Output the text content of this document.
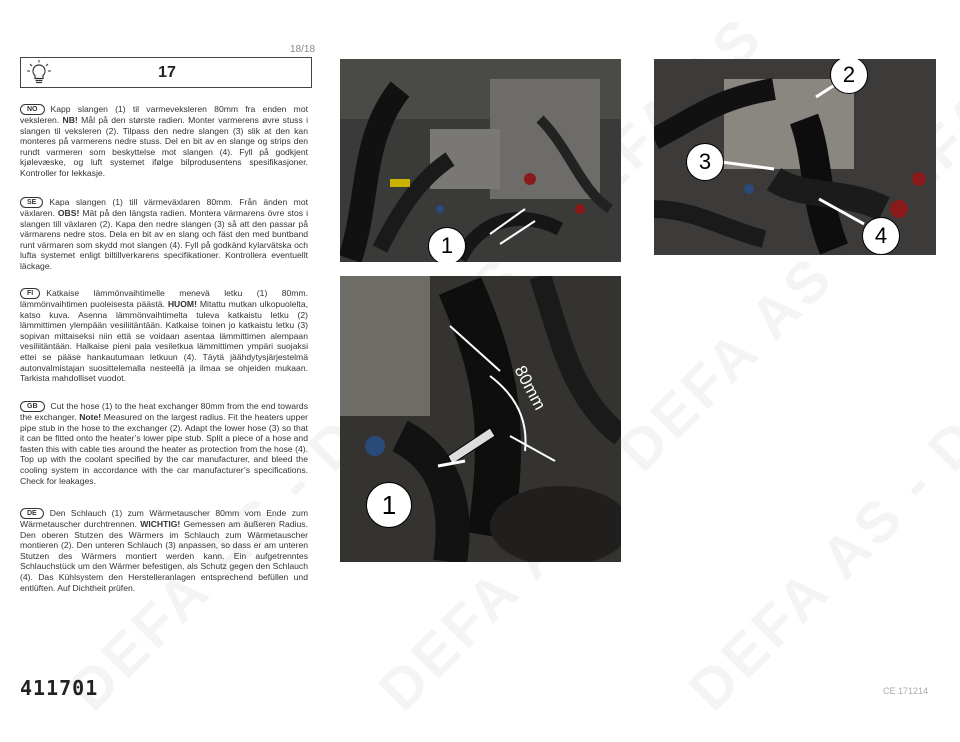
18/18
17
NO Kapp slangen (1) til varmeveksleren 80mm fra enden mot veksleren. NB! Mål på den største radien. Monter varmerens øvre stuss i slangen til veksleren (2). Tilpass den nedre slangen (3) slik at den kan monteres på varmerens nedre stuss. Del en bit av en slange og strips den rundt varmeren som beskyttelse mot slangen (4). Fyll på godkjent kjølevæske, og luft systemet ifølge bilprodusentens spesifikasjoner. Kontroller for lekkasje.
SE Kapa slangen (1) till värmeväxlaren 80mm. Från änden mot växlaren. OBS! Mät på den längsta radien. Montera värmarens övre stos i slangen till växlaren (2). Kapa den nedre slangen (3) så att den passar på värmarens nedre stos. Dela en bit av en slang och fäst den med buntband runt värmaren som skydd mot slangen (4). Fyll på godkänd kylarvätska och lufta systemet enligt biltillverkarens specifikationer. Kontrollera eventuellt läckage.
FI Katkaise lämmönvaihtimelle menevä letku (1) 80mm. lämmönvaihtimen puoleisesta päästä. HUOM! Mitattu mutkan ulkopuolelta, katso kuva. Asenna lämmönvaihtimelta tuleva katkaistu letku (2) lämmittimen ylempään vesiliitäntään. Katkaise toinen jo katkaistu letku (3) sopivan mittaiseksi niin että se voidaan asentaa lämmittimen alempaan vesiliitäntään. Halkaise pieni pala vesiletkua lämmittimen ympäri suojaksi ettei se pääse hankautumaan letkuun (4). Täytä jäähdytysjärjestelmä autonvalmistajan suosittelemalla nesteellä ja ilmaa se ohjeiden mukaan. Tarkista mahdolliset vuodot.
GB Cut the hose (1) to the heat exchanger 80mm from the end towards the exchanger. Note! Measured on the largest radius. Fit the heaters upper pipe stub in the hose to the exchanger (2). Adapt the lower hose (3) so that it can be fitted onto the heater’s lower pipe stub. Split a piece of a hose and fasten this with cable ties around the heater as protection from the hose (4). Top up with the coolant specified by the car manufacturer, and bleed the cooling system in accordance with the car manufacturer’s specifications. Check for leakages.
DE Den Schlauch (1) zum Wärmetauscher 80mm vom Ende zum Wärmetauscher durchtrennen. WICHTIG! Gemessen am äußeren Radius. Den oberen Stutzen des Wärmers im Schlauch zum Wärmetauscher montieren (2). Den unteren Schlauch (3) anpassen, so dass er am unteren Stutzen des Wärmers montiert werden kann. Ein aufgetrenntes Schlauchstück um den Wärmer befestigen, als Schutz gegen den Schlauch (4). Das Kühlsystem den Herstelleranlagen entsprechend befüllen und entlüften. Auf Dichtheit prüfen.
1
2
3
4
80mm
1
411701	CE 171214
